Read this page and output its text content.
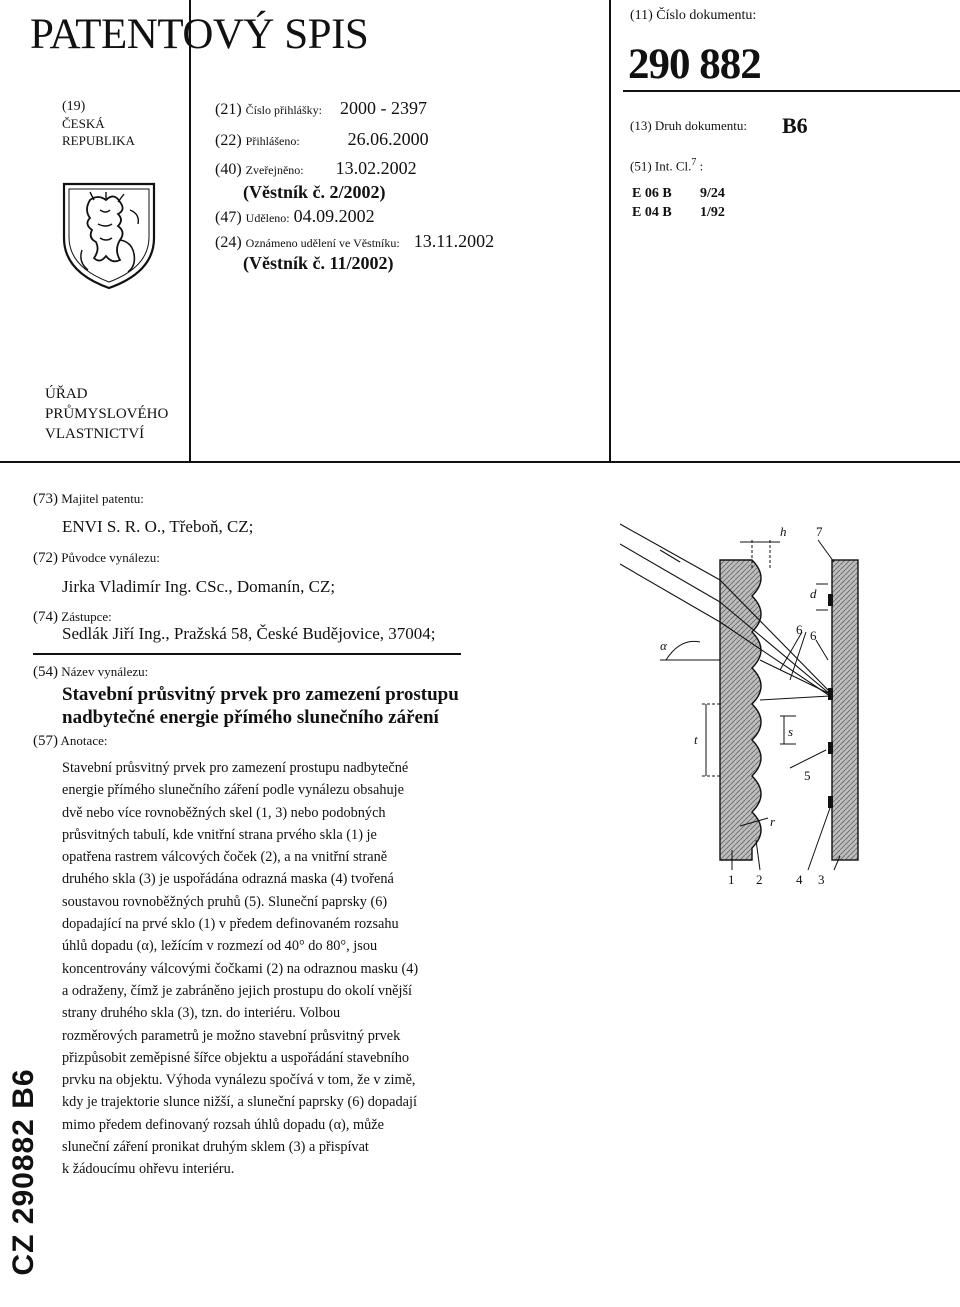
PATENTOVÝ SPIS
(19)
ČESKÁ
REPUBLIKA
ÚŘAD
PRŮMYSLOVÉHO
VLASTNICTVÍ
(21) Číslo přihlášky: 2000 - 2397
(22) Přihlášeno:	26.06.2000
(40) Zveřejněno: 13.02.2002
(Věstník č. 2/2002)
(47) Uděleno: 04.09.2002
(24) Oznámeno udělení ve Věstníku: 13.11.2002
(Věstník č. 11/2002)
(11) Číslo dokumentu:
290 882
(13) Druh dokumentu: B6
(51) Int. Cl.$^7$ :
E 06 B 9/24
E 04 B 1/92
(73) Majitel patentu:
ENVI S. R. O., Třeboň, CZ;
(72) Původce vynálezu:
Jirka Vladimír Ing. CSc., Domanín, CZ;
(74) Zástupce:
Sedlák Jiří Ing., Pražská 58, České Budějovice, 37004;
(54) Název vynálezu:
Stavební průsvitný prvek pro zamezení prostupu
nadbytečné energie přímého slunečního záření
(57) Anotace:

Stavební průsvitný prvek pro zamezení prostupu nadbytečné

energie přímého slunečního záření podle vynálezu obsahuje

dvě nebo více rovnoběžných skel (1, 3) nebo podobných

průsvitných tabulí, kde vnitřní strana prvého skla (1) je

opatřena rastrem válcových čoček (2), a na vnitřní straně

druhého skla (3) je uspořádána odrazná maska (4) tvořená

soustavou rovnoběžných pruhů (5). Sluneční paprsky (6)

dopadající na prvé sklo (1) v předem definovaném rozsahu

úhlů dopadu (α), ležícím v rozmezí od 40° do 80°, jsou

koncentrovány válcovými čočkami (2) na odraznou masku (4)

a odraženy, čímž je zabráněno jejich prostupu do okolí vnější

strany druhého skla (3), tzn. do interiéru. Volbou

rozměrových parametrů je možno stavební průsvitný prvek

přizpůsobit zeměpisné šířce objektu a uspořádání stavebního

prvku na objektu. Výhoda vynálezu spočívá v tom, že v zimě,

kdy je trajektorie slunce nižší, a sluneční paprsky (6) dopadají

mimo předem definovaný rozsah úhlů dopadu (α), může

sluneční záření pronikat druhým sklem (3) a přispívat

k žádoucímu ohřevu interiéru.

h 7
d
6 6
α
t
s
r
5
1 2	4 3
CZ 290882 B6
